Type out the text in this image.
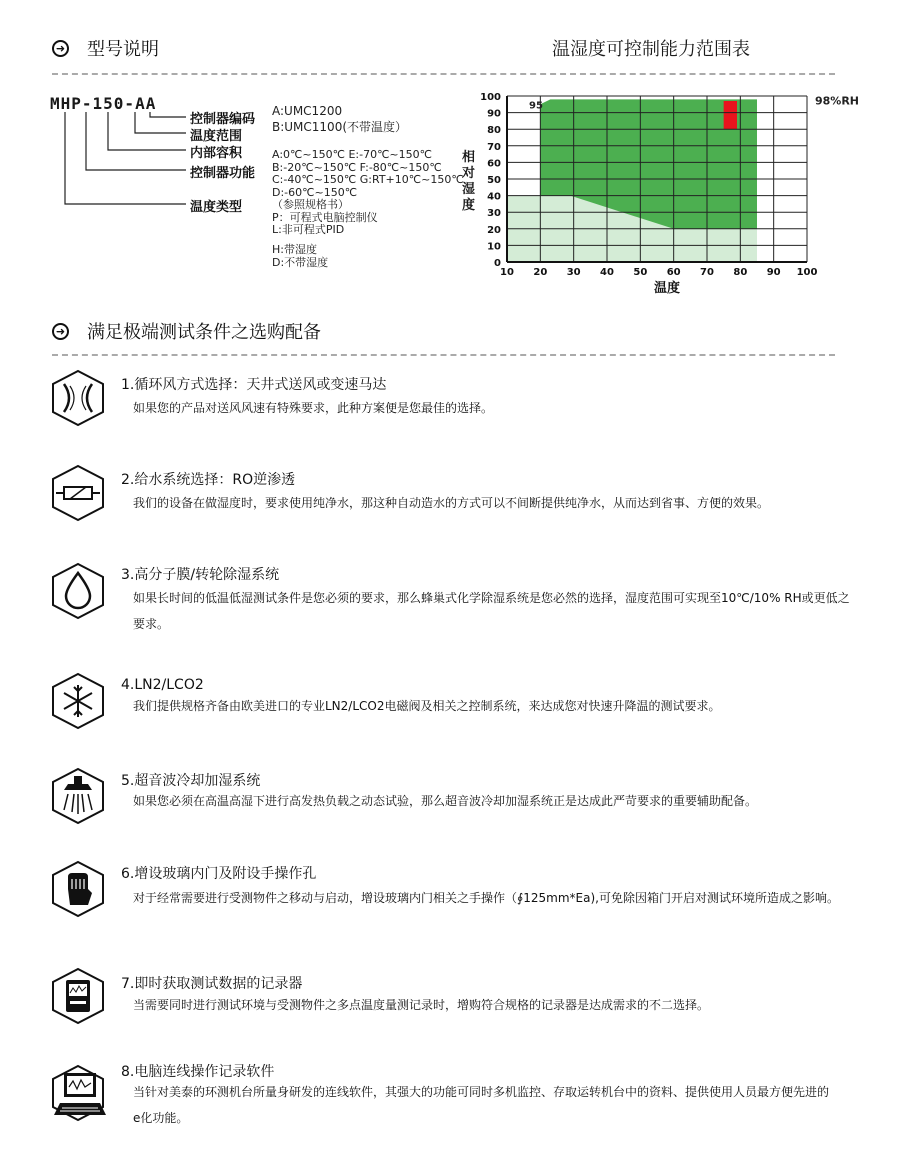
➜ 型号说明	温湿度可控制能力范围表
MHP-150-AA
控制器编码
温度范围
内部容积
控制器功能
温度类型
A:UMC1200
B:UMC1100(不带温度）
A:0℃~150℃ E:-70℃~150℃
B:-20℃~150℃ F:-80℃~150℃
C:-40℃~150℃ G:RT+10℃~150℃
D:-60℃~150℃
（参照规格书）
P：可程式电脑控制仪
L:非可程式PID
H:带湿度
D:不带湿度
10 20 30 40 50 60 70 80 90 100
0
10
20
30
40
50
60
70
80
90
100
95	98%RH
温度
相对湿度
➜ 满足极端测试条件之选购配备
1.循环风方式选择：天井式送风或变速马达
如果您的产品对送风风速有特殊要求，此种方案便是您最佳的选择。
2.给水系统选择：RO逆渗透
我们的设备在做湿度时，要求使用纯净水，那这种自动造水的方式可以不间断提供纯净水，从而达到省事、方便的效果。
3.高分子膜/转轮除湿系统
如果长时间的低温低湿测试条件是您必须的要求，那么蜂巢式化学除湿系统是您必然的选择，湿度范围可实现至10℃/10% RH或更低之要求。
4.LN2/LCO2
我们提供规格齐备由欧美进口的专业LN2/LCO2电磁阀及相关之控制系统，来达成您对快速升降温的测试要求。
5.超音波冷却加湿系统
如果您必须在高温高湿下进行高发热负载之动态试验，那么超音波冷却加湿系统正是达成此严苛要求的重要辅助配备。
6.增设玻璃内门及附设手操作孔
对于经常需要进行受测物件之移动与启动，增设玻璃内门相关之手操作（∮125mm*Ea),可免除因箱门开启对测试环境所造成之影响。
7.即时获取测试数据的记录器
当需要同时进行测试环境与受测物件之多点温度量测记录时，增购符合规格的记录器是达成需求的不二选择。
8.电脑连线操作记录软件
当针对美泰的环测机台所量身研发的连线软件，其强大的功能可同时多机监控、存取运转机台中的资料、提供使用人员最方便先进的e化功能。
